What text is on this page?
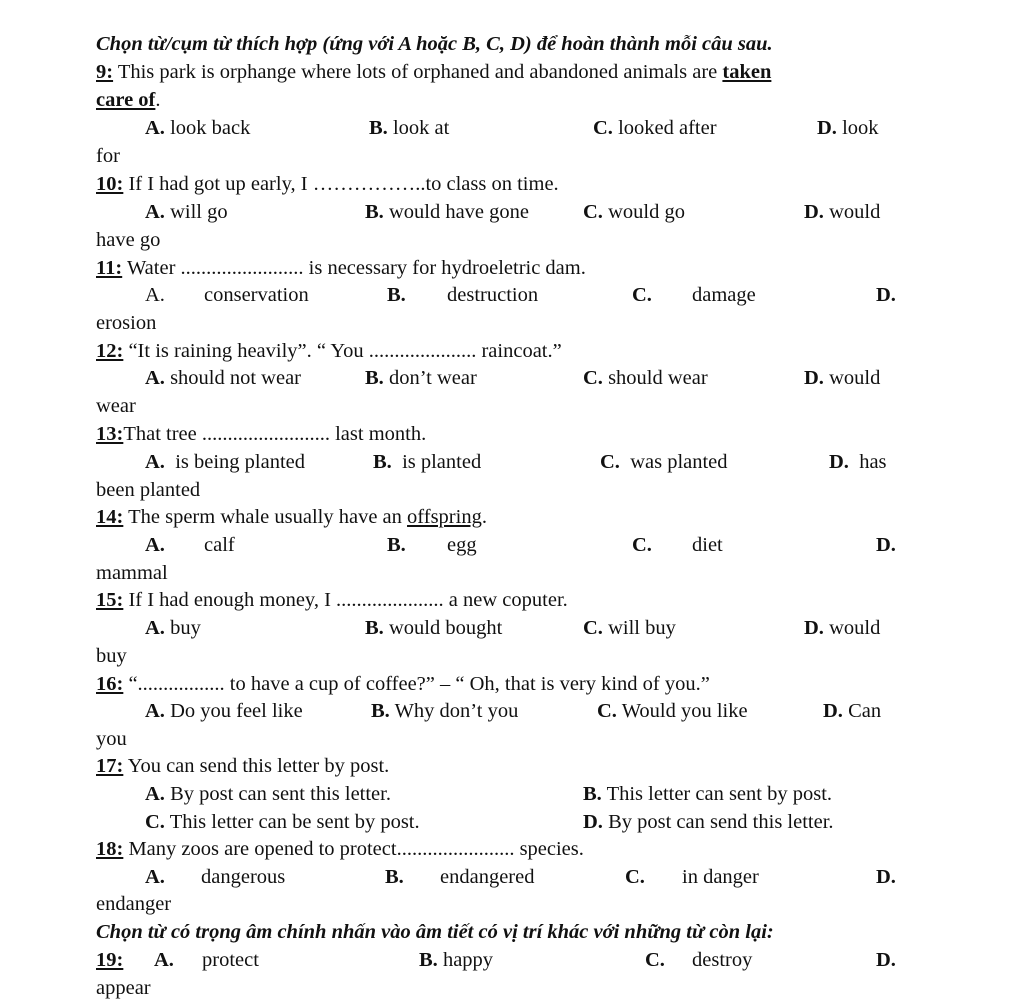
Chọn từ/cụm từ thích hợp (ứng với A hoặc B, C, D) để hoàn thành mỗi câu sau.
9: This park is orphange where lots of orphaned and abandoned animals are taken
care of.
A. look back	B. look at	C. looked after	D. look
for
10: If I had got up early, I ……………..to class on time.
A. will go	B. would have gone	C. would go	D. would
have go
11: Water ........................ is necessary for hydroeletric dam.
A. conservation	B. destruction	C. damage	D.
erosion
12: “It is raining heavily”. “ You ..................... raincoat.”
A. should not wear	B. don’t wear	C. should wear	D. would
wear
13:That tree ......................... last month.
A. is being planted	B. is planted	C. was planted	D. has
been planted
14: The sperm whale usually have an offspring.
A. calf	B. egg	C. diet	D.
mammal
15: If I had enough money, I ..................... a new coputer.
A. buy	B. would bought	C. will buy	D. would
buy
16: “................. to have a cup of coffee?” – “ Oh, that is very kind of you.”
A. Do you feel like	B. Why don’t you	C. Would you like	D. Can
you
17: You can send this letter by post.
A. By post can sent this letter.	B. This letter can sent by post.
C. This letter can be sent by post.	D. By post can send this letter.
18: Many zoos are opened to protect....................... species.
A. dangerous	B. endangered	C. in danger	D.
endanger
Chọn từ có trọng âm chính nhấn vào âm tiết có vị trí khác với những từ còn lại:
19: A. protect	B. happy	C. destroy	D.
appear
